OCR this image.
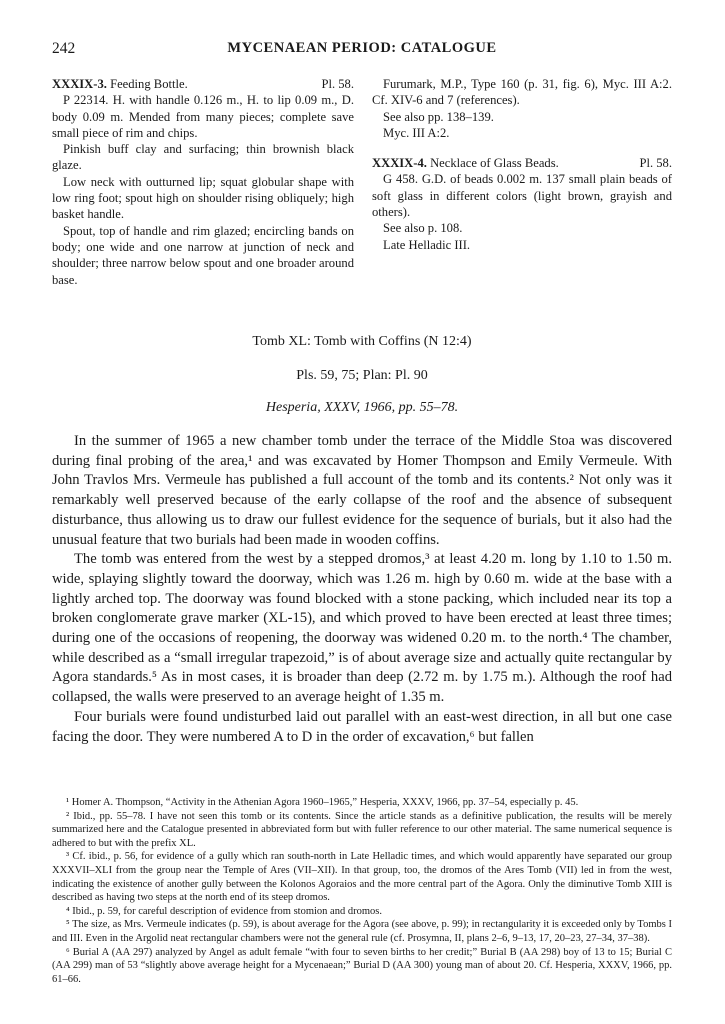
242	MYCENAEAN PERIOD: CATALOGUE

XXXIX-3. Feeding Bottle.	Pl. 58.

P 22314. H. with handle 0.126 m., H. to lip 0.09 m., D. body 0.09 m. Mended from many pieces; complete save small piece of rim and chips.

Pinkish buff clay and surfacing; thin brownish black glaze.

Low neck with outturned lip; squat globular shape with low ring foot; spout high on shoulder rising obliquely; high basket handle.

Spout, top of handle and rim glazed; encircling bands on body; one wide and one narrow at junction of neck and shoulder; three narrow below spout and one broader around base.

Furumark, M.P., Type 160 (p. 31, fig. 6), Myc. III A:2. Cf. XIV-6 and 7 (references).

See also pp. 138–139.

Myc. III A:2.

XXXIX-4. Necklace of Glass Beads.	Pl. 58.

G 458. G.D. of beads 0.002 m. 137 small plain beads of soft glass in different colors (light brown, grayish and others).

See also p. 108.

Late Helladic III.

Tomb XL: Tomb with Coffins (N 12:4)
Pls. 59, 75; Plan: Pl. 90
Hesperia, XXXV, 1966, pp. 55–78.

In the summer of 1965 a new chamber tomb under the terrace of the Middle Stoa was discovered during final probing of the area,¹ and was excavated by Homer Thompson and Emily Vermeule. With John Travlos Mrs. Vermeule has published a full account of the tomb and its contents.² Not only was it remarkably well preserved because of the early collapse of the roof and the absence of subsequent disturbance, thus allowing us to draw our fullest evidence for the sequence of burials, but it also had the unusual feature that two burials had been made in wooden coffins.

The tomb was entered from the west by a stepped dromos,³ at least 4.20 m. long by 1.10 to 1.50 m. wide, splaying slightly toward the doorway, which was 1.26 m. high by 0.60 m. wide at the base with a lightly arched top. The doorway was found blocked with a stone packing, which included near its top a broken conglomerate grave marker (XL-15), and which proved to have been erected at least three times; during one of the occasions of reopening, the doorway was widened 0.20 m. to the north.⁴ The chamber, while described as a “small irregular trapezoid,” is of about average size and actually quite rectangular by Agora standards.⁵ As in most cases, it is broader than deep (2.72 m. by 1.75 m.). Although the roof had collapsed, the walls were preserved to an average height of 1.35 m.

Four burials were found undisturbed laid out parallel with an east-west direction, in all but one case facing the door. They were numbered A to D in the order of excavation,⁶ but fallen

¹ Homer A. Thompson, “Activity in the Athenian Agora 1960–1965,” Hesperia, XXXV, 1966, pp. 37–54, especially p. 45.

² Ibid., pp. 55–78. I have not seen this tomb or its contents. Since the article stands as a definitive publication, the results will be merely summarized here and the Catalogue presented in abbreviated form but with fuller reference to our other material. The same numerical sequence is adhered to but with the prefix XL.

³ Cf. ibid., p. 56, for evidence of a gully which ran south-north in Late Helladic times, and which would apparently have separated our group XXXVII–XLI from the group near the Temple of Ares (VII–XII). In that group, too, the dromos of the Ares Tomb (VII) led in from the west, indicating the existence of another gully between the Kolonos Agoraios and the more central part of the Agora. Only the diminutive Tomb XIII is described as having two steps at the north end of its steep dromos.

⁴ Ibid., p. 59, for careful description of evidence from stomion and dromos.

⁵ The size, as Mrs. Vermeule indicates (p. 59), is about average for the Agora (see above, p. 99); in rectangularity it is exceeded only by Tombs I and III. Even in the Argolid neat rectangular chambers were not the general rule (cf. Prosymna, II, plans 2–6, 9–13, 17, 20–23, 27–34, 37–38).

⁶ Burial A (AA 297) analyzed by Angel as adult female “with four to seven births to her credit;” Burial B (AA 298) boy of 13 to 15; Burial C (AA 299) man of 53 “slightly above average height for a Mycenaean;” Burial D (AA 300) young man of about 20. Cf. Hesperia, XXXV, 1966, pp. 61–66.
